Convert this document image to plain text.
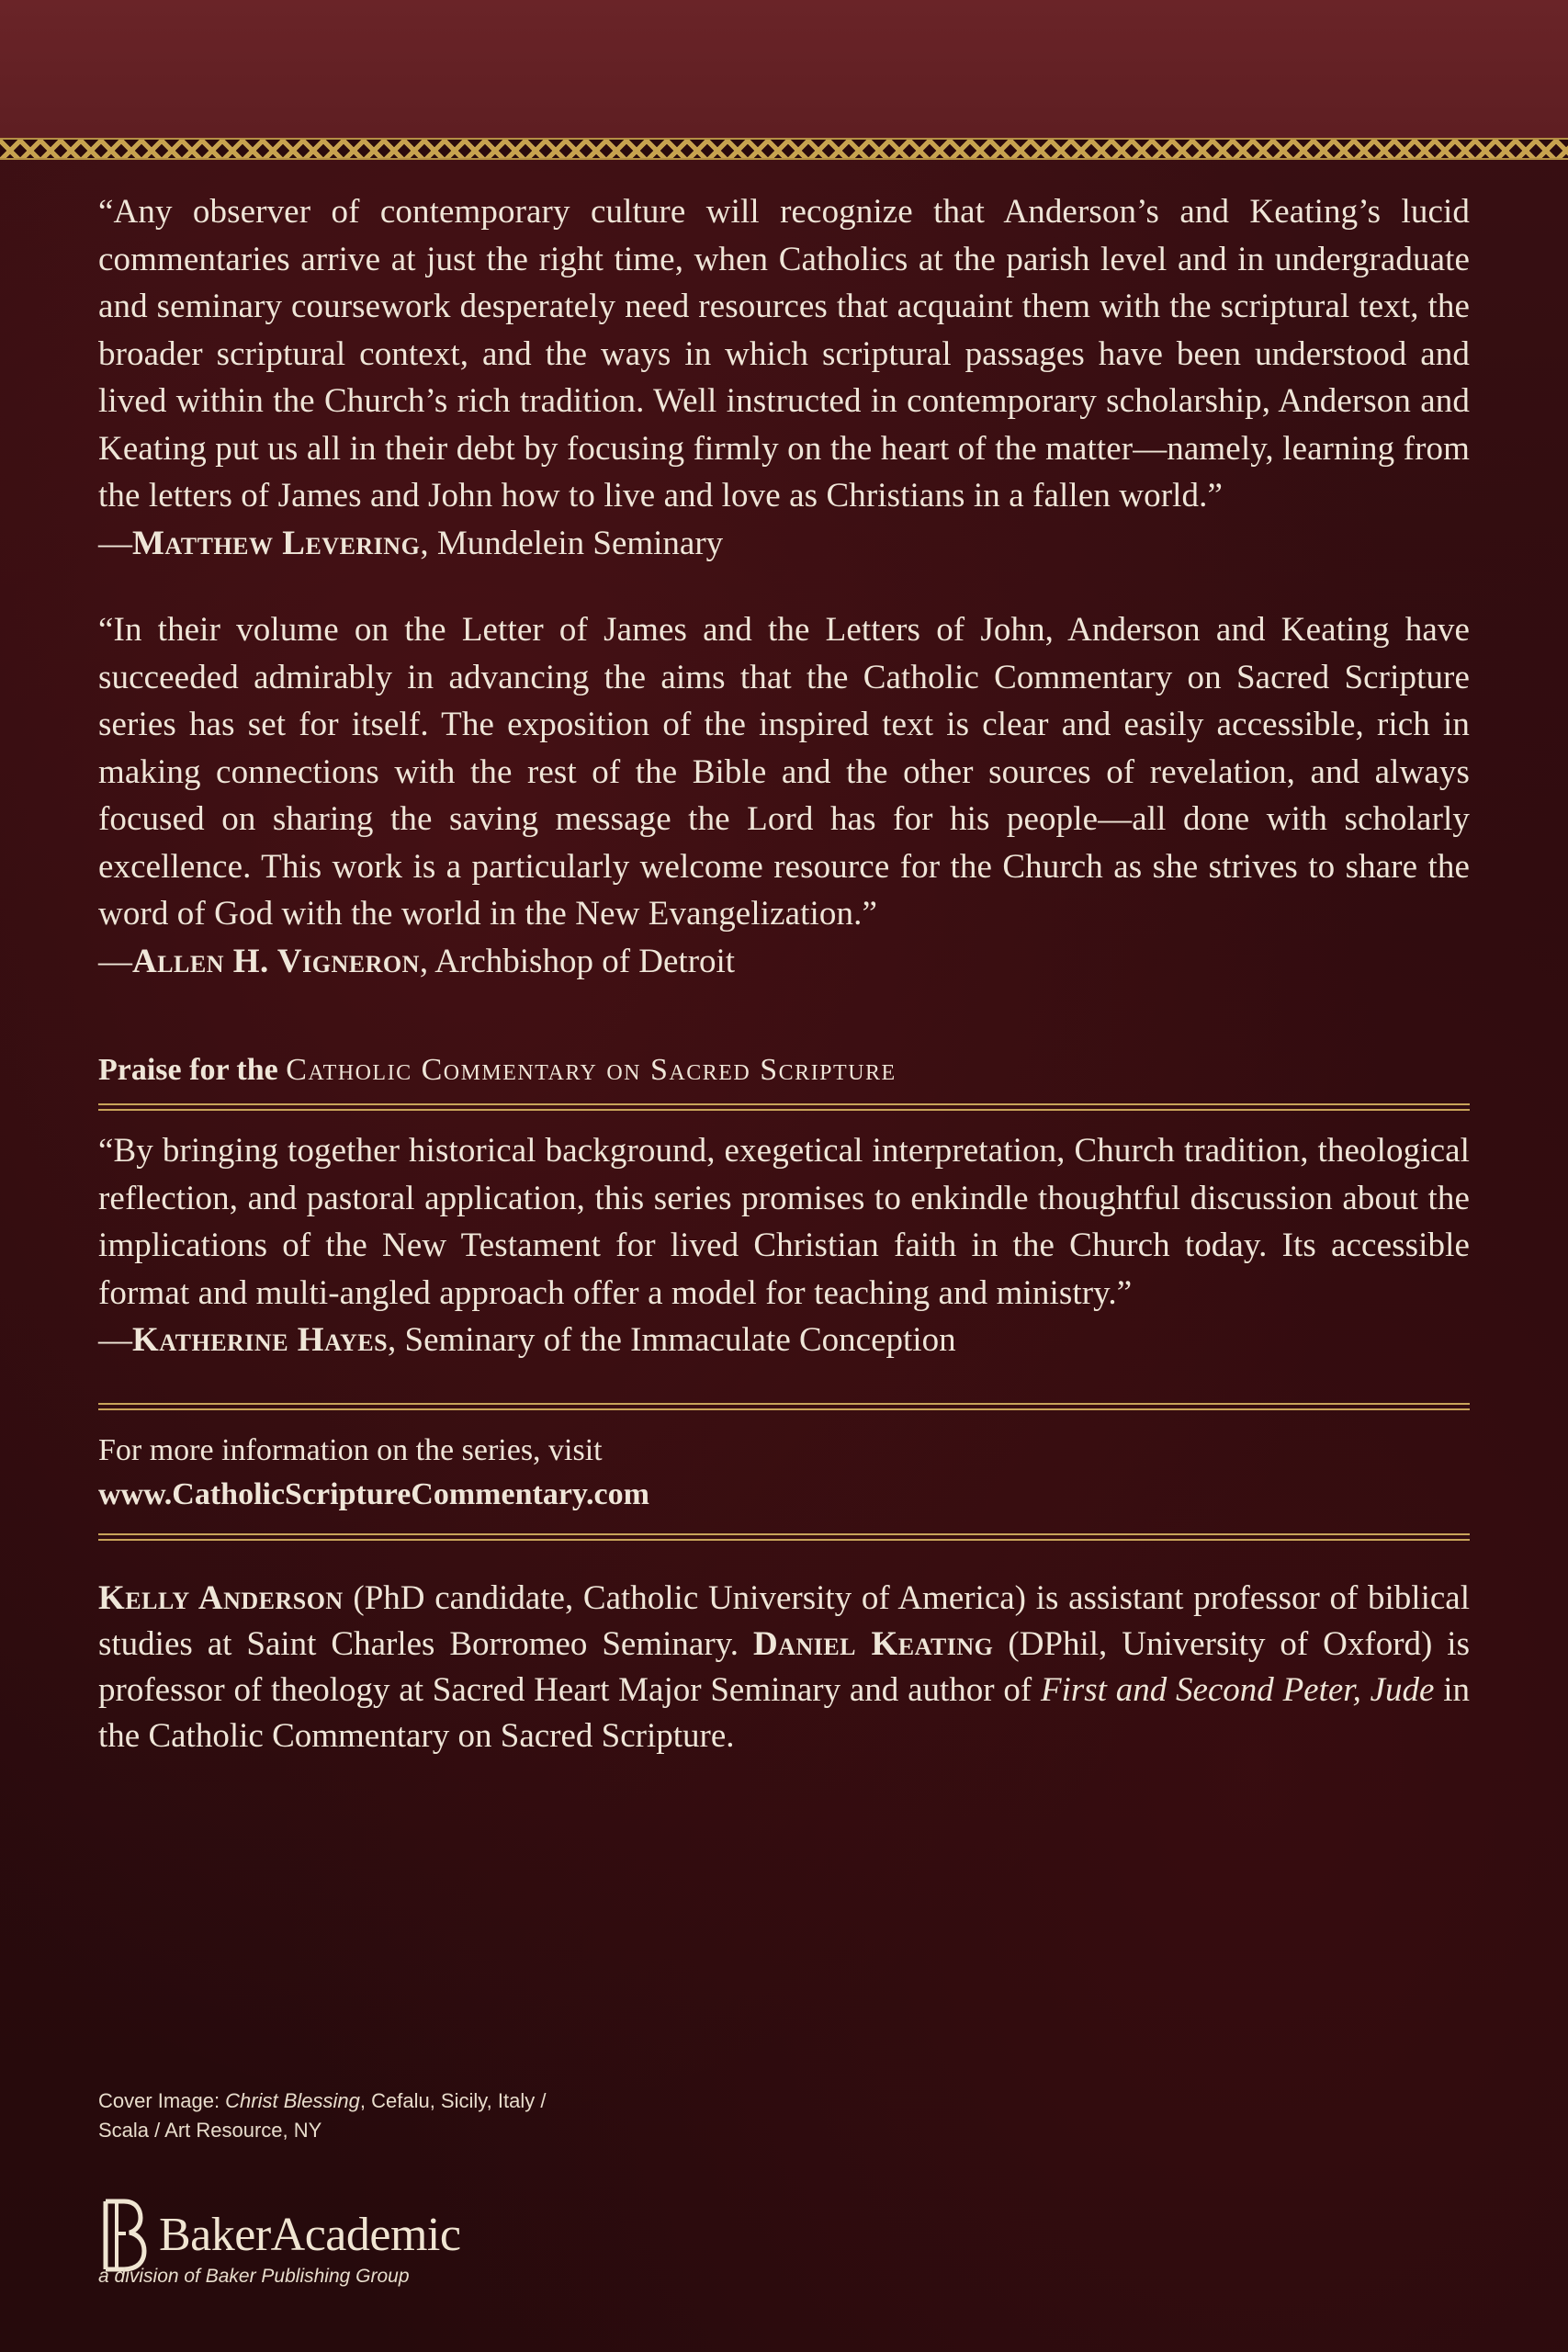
“Any observer of contemporary culture will recognize that Anderson’s and Keating’s lucid commentaries arrive at just the right time, when Catholics at the parish level and in undergraduate and seminary coursework desperately need resources that acquaint them with the scriptural text, the broader scriptural context, and the ways in which scriptural passages have been understood and lived within the Church’s rich tradition. Well instructed in contemporary scholarship, Anderson and Keating put us all in their debt by focusing firmly on the heart of the matter—namely, learning from the letters of James and John how to live and love as Christians in a fallen world.”

—Matthew Levering, Mundelein Seminary

“In their volume on the Letter of James and the Letters of John, Anderson and Keating have succeeded admirably in advancing the aims that the Catholic Commentary on Sacred Scripture series has set for itself. The exposition of the inspired text is clear and easily accessible, rich in making connections with the rest of the Bible and the other sources of revelation, and always focused on sharing the saving message the Lord has for his people—all done with scholarly excellence. This work is a particularly welcome resource for the Church as she strives to share the word of God with the world in the New Evangelization.”

—Allen H. Vigneron, Archbishop of Detroit

Praise for the Catholic Commentary on Sacred Scripture

“By bringing together historical background, exegetical interpretation, Church tradition, theological reflection, and pastoral application, this series promises to enkindle thoughtful discussion about the implications of the New Testament for lived Christian faith in the Church today. Its accessible format and multi-angled approach offer a model for teaching and ministry.”

—Katherine Hayes, Seminary of the Immaculate Conception

For more information on the series, visit
www.CatholicScriptureCommentary.com

Kelly Anderson (PhD candidate, Catholic University of America) is assistant professor of biblical studies at Saint Charles Borromeo Seminary. Daniel Keating (DPhil, University of Oxford) is professor of theology at Sacred Heart Major Seminary and author of First and Second Peter, Jude in the Catholic Commentary on Sacred Scripture.

Cover Image: Christ Blessing, Cefalu, Sicily, Italy /
Scala / Art Resource, NY
BakerAcademic
a division of Baker Publishing Group
